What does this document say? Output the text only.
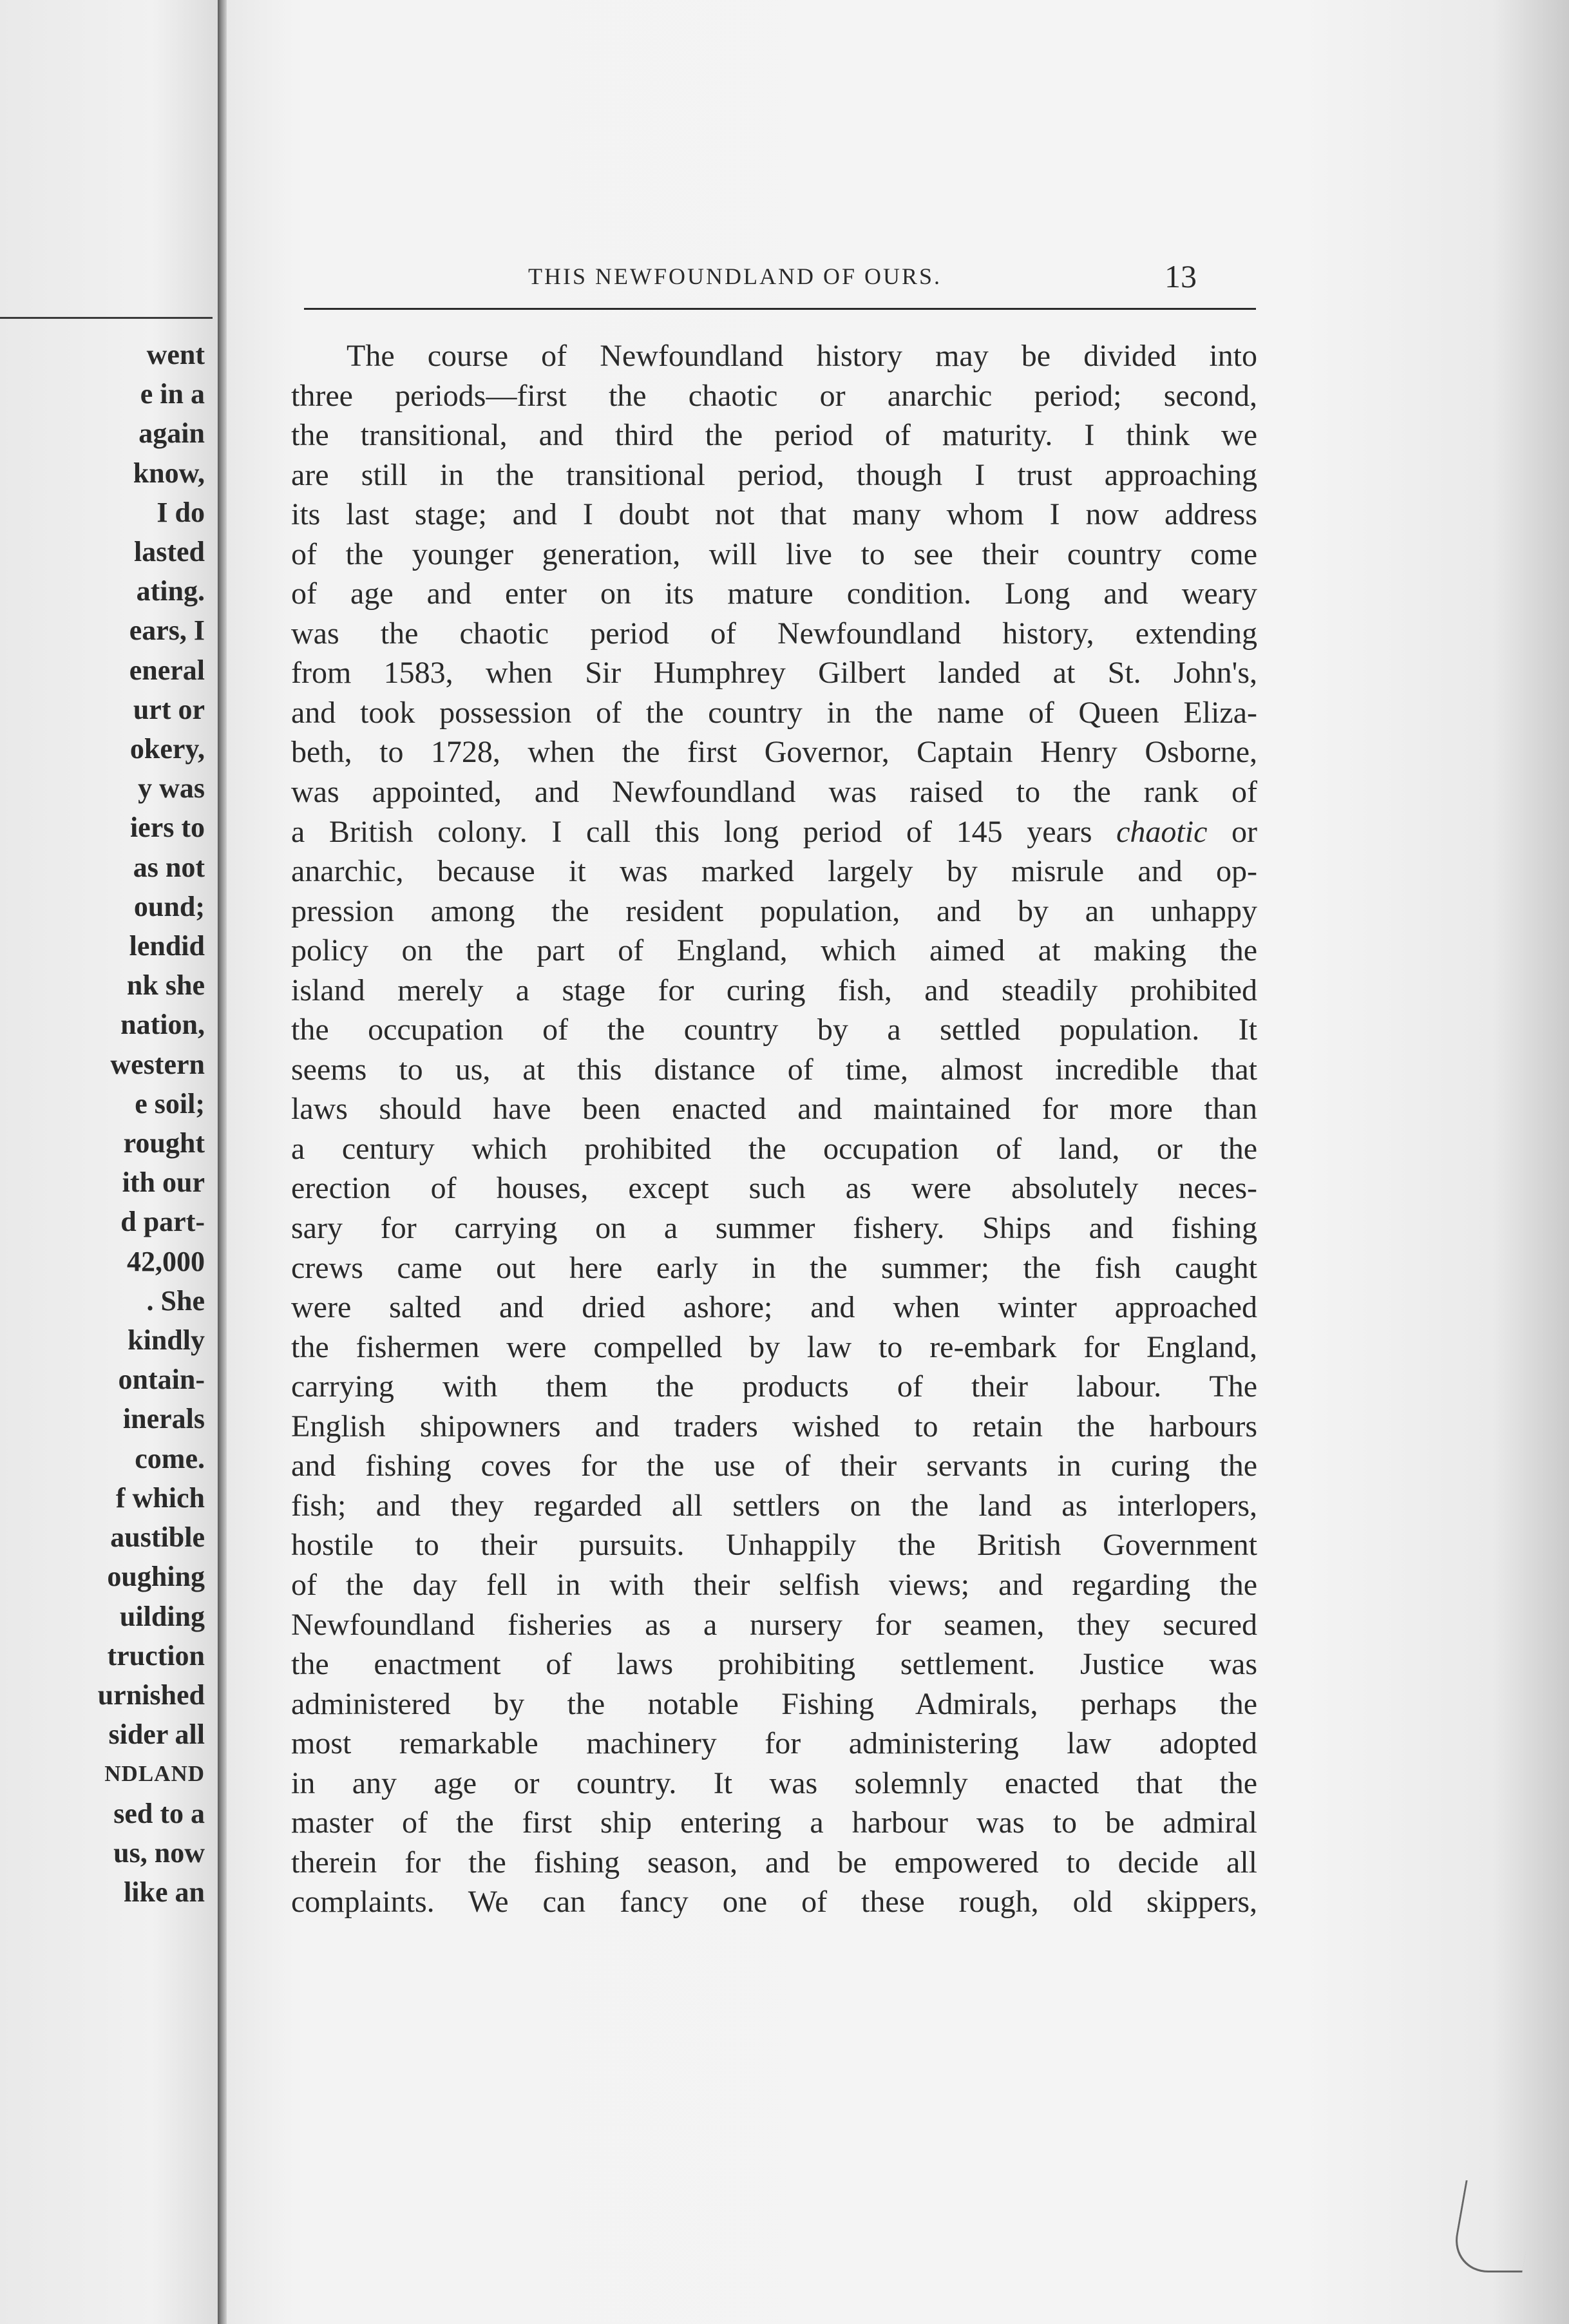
went
e in a
again
know,
I do
lasted
ating.
ears, I
eneral
urt or
okery,
y was
iers to
as not
ound;
lendid
nk she
nation,
western
e soil;
rought
ith our
d part-
42,000
. She
kindly
ontain-
inerals
come.
f which
austible
oughing
uilding
truction
urnished
sider all
NDLAND
sed to a
us, now
like an
THIS NEWFOUNDLAND OF OURS.	13
The course of Newfoundland history may be divided into
three periods—first the chaotic or anarchic period; second,
the transitional, and third the period of maturity. I think we
are still in the transitional period, though I trust approaching
its last stage; and I doubt not that many whom I now address
of the younger generation, will live to see their country come
of age and enter on its mature condition. Long and weary
was the chaotic period of Newfoundland history, extending
from 1583, when Sir Humphrey Gilbert landed at St. John's,
and took possession of the country in the name of Queen Eliza-
beth, to 1728, when the first Governor, Captain Henry Osborne,
was appointed, and Newfoundland was raised to the rank of
a British colony. I call this long period of 145 years chaotic or
anarchic, because it was marked largely by misrule and op-
pression among the resident population, and by an unhappy
policy on the part of England, which aimed at making the
island merely a stage for curing fish, and steadily prohibited
the occupation of the country by a settled population. It
seems to us, at this distance of time, almost incredible that
laws should have been enacted and maintained for more than
a century which prohibited the occupation of land, or the
erection of houses, except such as were absolutely neces-
sary for carrying on a summer fishery. Ships and fishing
crews came out here early in the summer; the fish caught
were salted and dried ashore; and when winter approached
the fishermen were compelled by law to re-embark for England,
carrying with them the products of their labour. The
English shipowners and traders wished to retain the harbours
and fishing coves for the use of their servants in curing the
fish; and they regarded all settlers on the land as interlopers,
hostile to their pursuits. Unhappily the British Government
of the day fell in with their selfish views; and regarding the
Newfoundland fisheries as a nursery for seamen, they secured
the enactment of laws prohibiting settlement. Justice was
administered by the notable Fishing Admirals, perhaps the
most remarkable machinery for administering law adopted
in any age or country. It was solemnly enacted that the
master of the first ship entering a harbour was to be admiral
therein for the fishing season, and be empowered to decide all
complaints. We can fancy one of these rough, old skippers,
